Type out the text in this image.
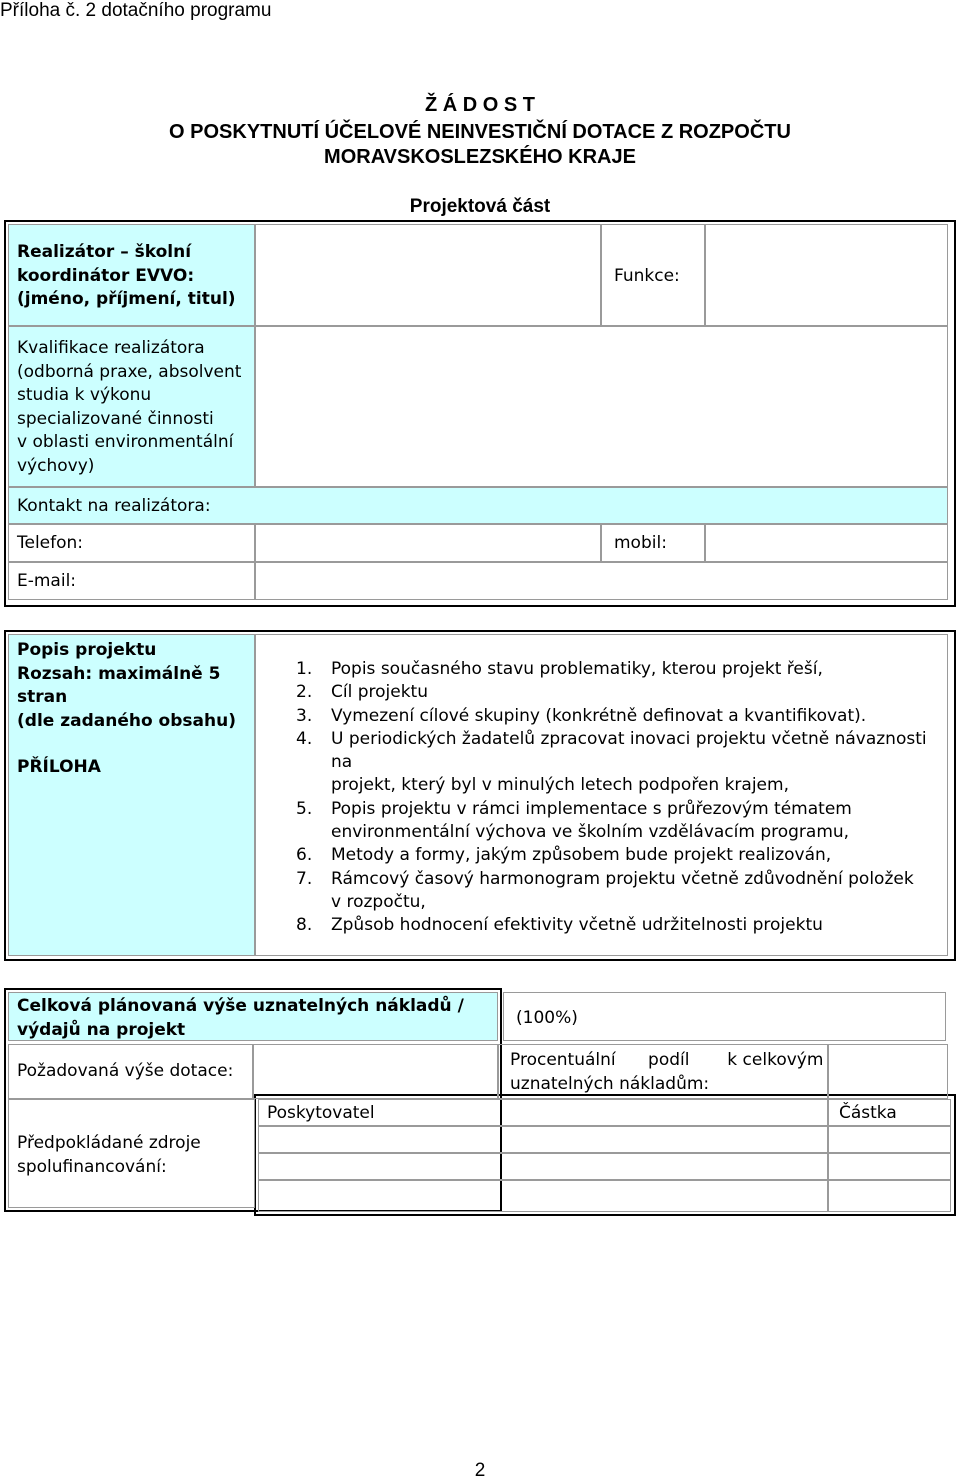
Příloha č. 2 dotačního programu
Ž Á D O S T
O POSKYTNUTÍ ÚČELOVÉ NEINVESTIČNÍ DOTACE Z ROZPOČTU
MORAVSKOSLEZSKÉHO KRAJE
Projektová část
Realizátor – školní
koordinátor EVVO:
(jméno, příjmení, titul)
Funkce:
Kvalifikace realizátora
(odborná praxe, absolvent
studia k výkonu
specializované činnosti
v oblasti environmentální
výchovy)
Kontakt na realizátora:
Telefon:	mobil:
E-mail:
Popis projektu
Rozsah: maximálně 5
stran
(dle zadaného obsahu)
PŘÍLOHA
1. Popis současného stavu problematiky, kterou projekt řeší,
2. Cíl projektu
3. Vymezení cílové skupiny (konkrétně definovat a kvantifikovat).
4. U periodických žadatelů zpracovat inovaci projektu včetně návaznosti na
projekt, který byl v minulých letech podpořen krajem,
5. Popis projektu v rámci implementace s průřezovým tématem
environmentální výchova ve školním vzdělávacím programu,
6. Metody a formy, jakým způsobem bude projekt realizován,
7. Rámcový časový harmonogram projektu včetně zdůvodnění položek
v rozpočtu,
8. Způsob hodnocení efektivity včetně udržitelnosti projektu
Celková plánovaná výše uznatelných nákladů /
výdajů na projekt
(100%)
Požadovaná výše dotace:
Procentuální      podíl       k celkovým
uznatelných nákladům:
Předpokládané zdroje
spolufinancování:
Poskytovatel	Částka
2
